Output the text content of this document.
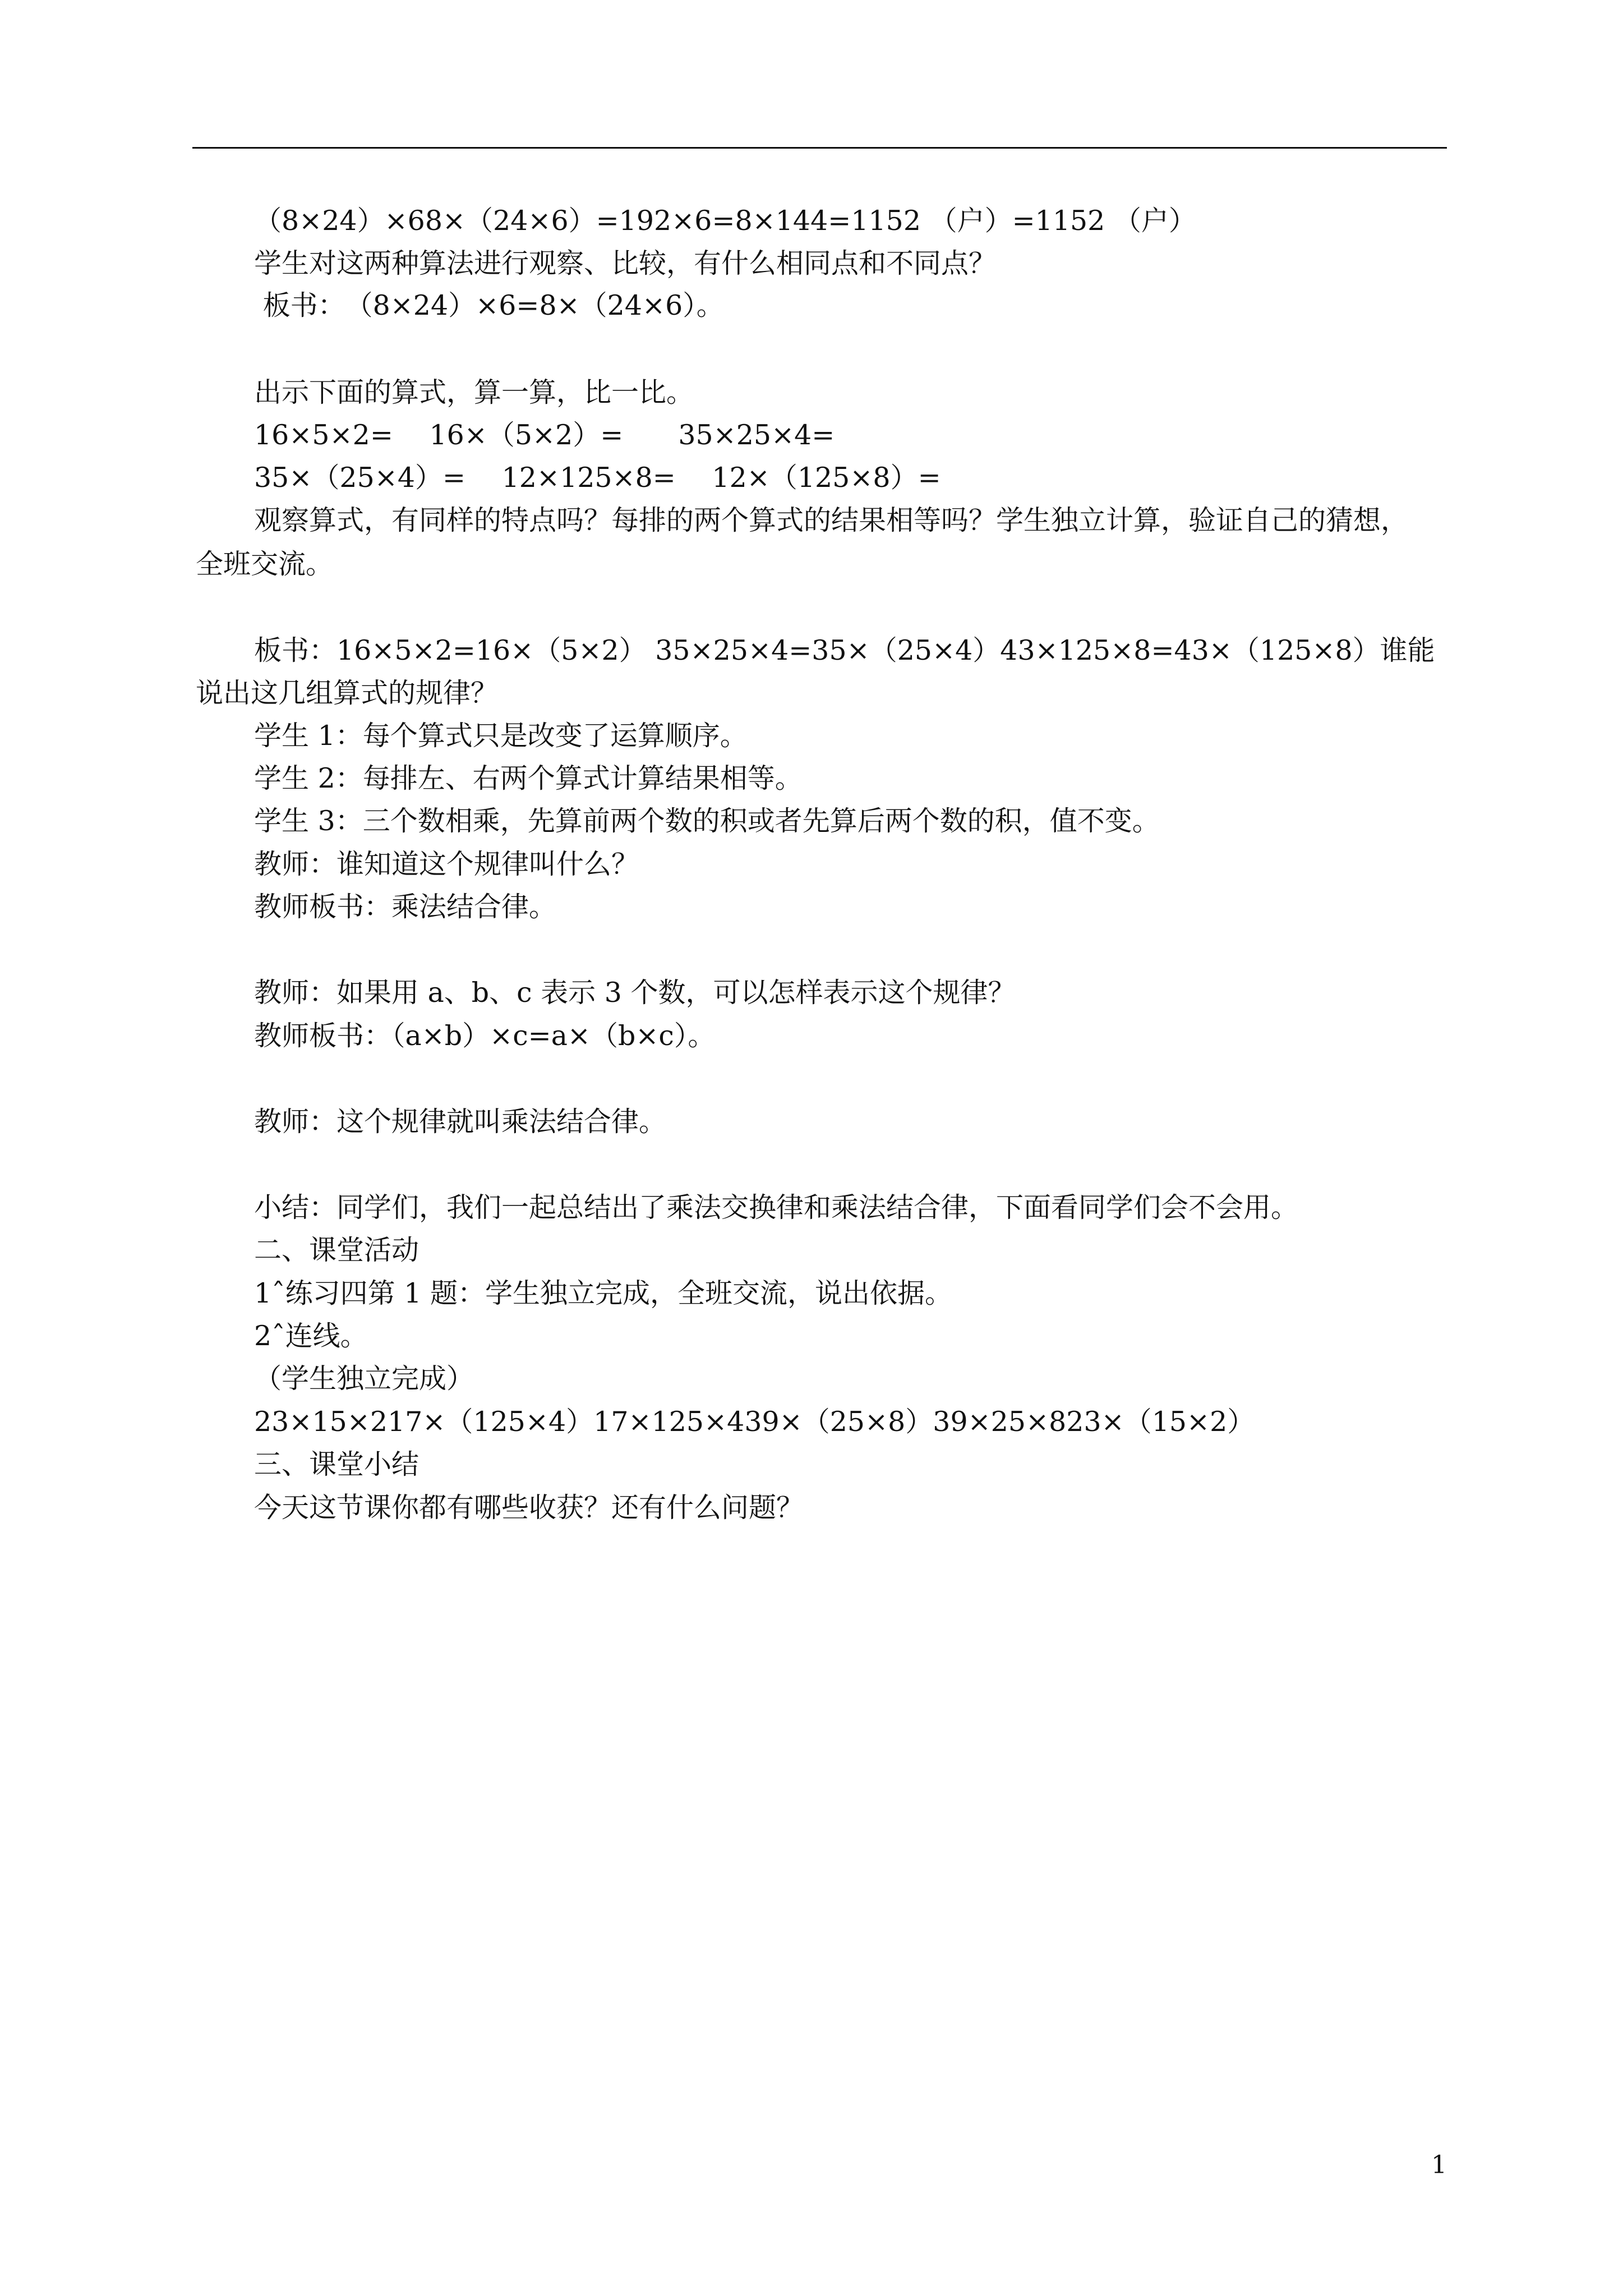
（8×24）×68×（24×6）=192×6=8×144=1152 （户）=1152 （户）
学生对这两种算法进行观察、比较，有什么相同点和不同点？
板书：　（8×24）×6=8×（24×6）。
出示下面的算式，算一算，比一比。
16×5×2=　 16×（5×2）=　　35×25×4=
35×（25×4）=　 12×125×8=　 12×（125×8）=
观察算式，有同样的特点吗？每排的两个算式的结果相等吗？学生独立计算，验证自己的猜想，
全班交流。
板书：16×5×2=16×（5×2） 35×25×4=35×（25×4）43×125×8=43×（125×8）谁能
说出这几组算式的规律？
学生 1：每个算式只是改变了运算顺序。
学生 2：每排左、右两个算式计算结果相等。
学生 3：三个数相乘，先算前两个数的积或者先算后两个数的积，值不变。
教师：谁知道这个规律叫什么？
教师板书：乘法结合律。
教师：如果用 a、b、c 表示 3 个数，可以怎样表示这个规律？
教师板书：（a×b）×c=a×（b×c）。
教师：这个规律就叫乘法结合律。
小结：同学们，我们一起总结出了乘法交换律和乘法结合律，下面看同学们会不会用。
二、课堂活动
1ˆ练习四第 1 题：学生独立完成，全班交流，说出依据。
2ˆ连线。
（学生独立完成）
23×15×217×（125×4）17×125×439×（25×8）39×25×823×（15×2）
三、课堂小结
今天这节课你都有哪些收获？还有什么问题？
1
